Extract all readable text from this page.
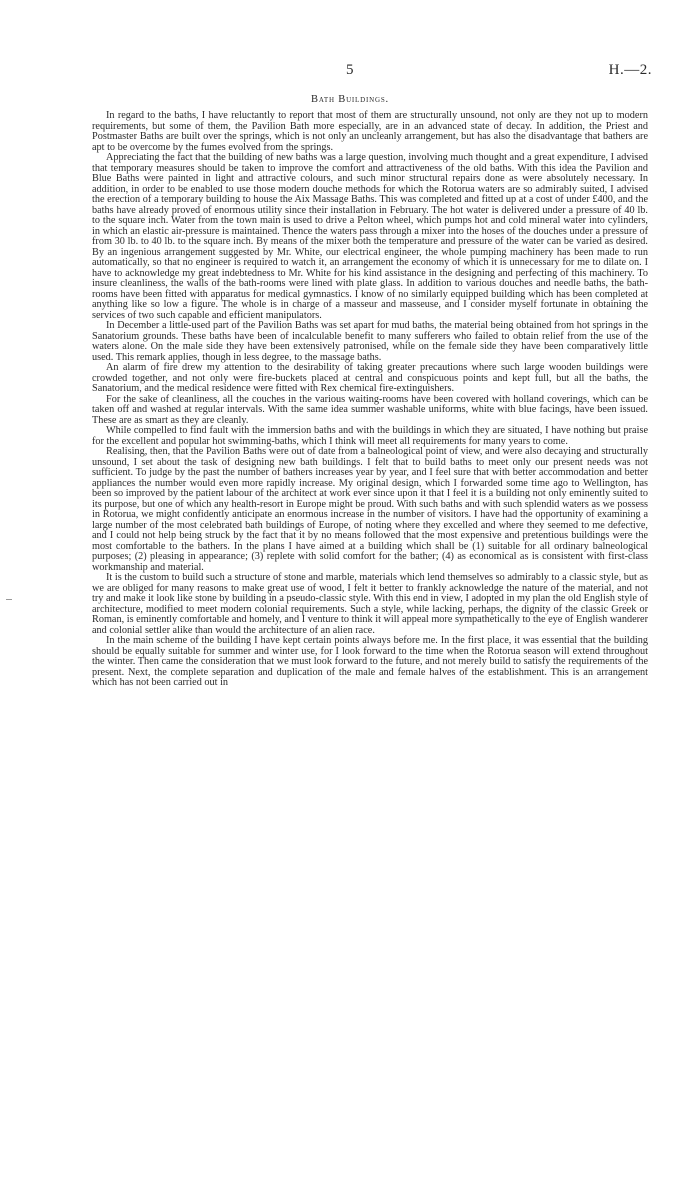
5	H.—2.
Bath Buildings.

In regard to the baths, I have reluctantly to report that most of them are structurally unsound, not only are they not up to modern requirements, but some of them, the Pavilion Bath more especially, are in an advanced state of decay. In addition, the Priest and Postmaster Baths are built over the springs, which is not only an uncleanly arrangement, but has also the disadvantage that bathers are apt to be overcome by the fumes evolved from the springs.

Appreciating the fact that the building of new baths was a large question, involving much thought and a great expenditure, I advised that temporary measures should be taken to improve the comfort and attractiveness of the old baths. With this idea the Pavilion and Blue Baths were painted in light and attractive colours, and such minor structural repairs done as were absolutely necessary. In addition, in order to be enabled to use those modern douche methods for which the Rotorua waters are so admirably suited, I advised the erection of a temporary building to house the Aix Massage Baths. This was completed and fitted up at a cost of under £400, and the baths have already proved of enormous utility since their installation in February. The hot water is delivered under a pressure of 40 lb. to the square inch. Water from the town main is used to drive a Pelton wheel, which pumps hot and cold mineral water into cylinders, in which an elastic air-pressure is maintained. Thence the waters pass through a mixer into the hoses of the douches under a pressure of from 30 lb. to 40 lb. to the square inch. By means of the mixer both the temperature and pressure of the water can be varied as desired. By an ingenious arrangement suggested by Mr. White, our electrical engineer, the whole pumping machinery has been made to run automatically, so that no engineer is required to watch it, an arrangement the economy of which it is unnecessary for me to dilate on. I have to acknowledge my great indebtedness to Mr. White for his kind assistance in the designing and perfecting of this machinery. To insure cleanliness, the walls of the bath-rooms were lined with plate glass. In addition to various douches and needle baths, the bath-rooms have been fitted with apparatus for medical gymnastics. I know of no similarly equipped building which has been completed at anything like so low a figure. The whole is in charge of a masseur and masseuse, and I consider myself fortunate in obtaining the services of two such capable and efficient manipulators.

In December a little-used part of the Pavilion Baths was set apart for mud baths, the material being obtained from hot springs in the Sanatorium grounds. These baths have been of incalculable benefit to many sufferers who failed to obtain relief from the use of the waters alone. On the male side they have been extensively patronised, while on the female side they have been comparatively little used. This remark applies, though in less degree, to the massage baths.

An alarm of fire drew my attention to the desirability of taking greater precautions where such large wooden buildings were crowded together, and not only were fire-buckets placed at central and conspicuous points and kept full, but all the baths, the Sanatorium, and the medical residence were fitted with Rex chemical fire-extinguishers.

For the sake of cleanliness, all the couches in the various waiting-rooms have been covered with holland coverings, which can be taken off and washed at regular intervals. With the same idea summer washable uniforms, white with blue facings, have been issued. These are as smart as they are cleanly.

While compelled to find fault with the immersion baths and with the buildings in which they are situated, I have nothing but praise for the excellent and popular hot swimming-baths, which I think will meet all requirements for many years to come.

Realising, then, that the Pavilion Baths were out of date from a balneological point of view, and were also decaying and structurally unsound, I set about the task of designing new bath buildings. I felt that to build baths to meet only our present needs was not sufficient. To judge by the past the number of bathers increases year by year, and I feel sure that with better accommodation and better appliances the number would even more rapidly increase. My original design, which I forwarded some time ago to Wellington, has been so improved by the patient labour of the architect at work ever since upon it that I feel it is a building not only eminently suited to its purpose, but one of which any health-resort in Europe might be proud. With such baths and with such splendid waters as we possess in Rotorua, we might confidently anticipate an enormous increase in the number of visitors. I have had the opportunity of examining a large number of the most celebrated bath buildings of Europe, of noting where they excelled and where they seemed to me defective, and I could not help being struck by the fact that it by no means followed that the most expensive and pretentious buildings were the most comfortable to the bathers. In the plans I have aimed at a building which shall be (1) suitable for all ordinary balneological purposes; (2) pleasing in appearance; (3) replete with solid comfort for the bather; (4) as economical as is consistent with first-class workmanship and material.

It is the custom to build such a structure of stone and marble, materials which lend themselves so admirably to a classic style, but as we are obliged for many reasons to make great use of wood, I felt it better to frankly acknowledge the nature of the material, and not try and make it look like stone by building in a pseudo-classic style. With this end in view, I adopted in my plan the old English style of architecture, modified to meet modern colonial requirements. Such a style, while lacking, perhaps, the dignity of the classic Greek or Roman, is eminently comfortable and homely, and I venture to think it will appeal more sympathetically to the eye of English wanderer and colonial settler alike than would the architecture of an alien race.

In the main scheme of the building I have kept certain points always before me. In the first place, it was essential that the building should be equally suitable for summer and winter use, for I look forward to the time when the Rotorua season will extend throughout the winter. Then came the consideration that we must look forward to the future, and not merely build to satisfy the requirements of the present. Next, the complete separation and duplication of the male and female halves of the establishment. This is an arrangement which has not been carried out in
